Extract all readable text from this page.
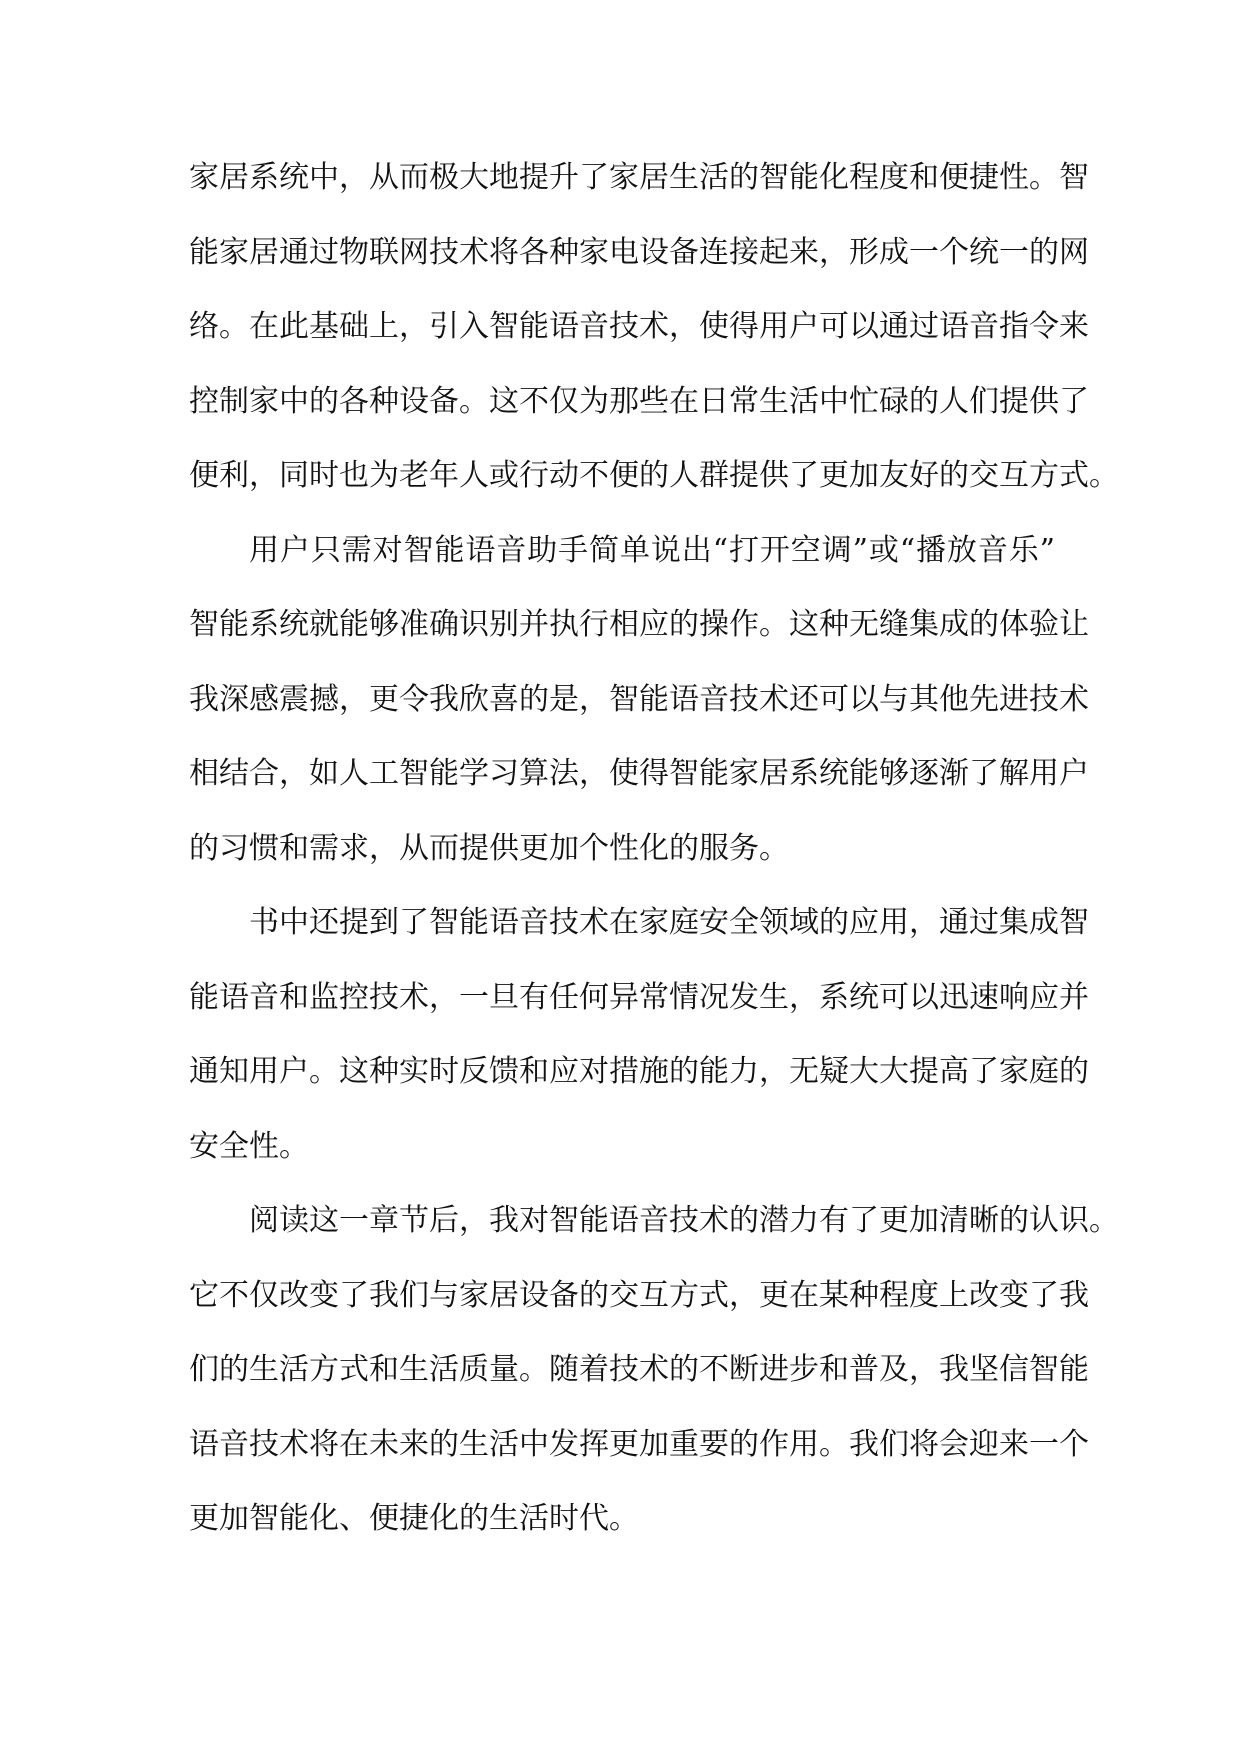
家居系统中，从而极大地提升了家居生活的智能化程度和便捷性。智
能家居通过物联网技术将各种家电设备连接起来，形成一个统一的网
络。在此基础上，引入智能语音技术，使得用户可以通过语音指令来
控制家中的各种设备。这不仅为那些在日常生活中忙碌的人们提供了
便利，同时也为老年人或行动不便的人群提供了更加友好的交互方式。
用户只需对智能语音助手简单说出“打开空调”或“播放音乐”
智能系统就能够准确识别并执行相应的操作。这种无缝集成的体验让
我深感震撼，更令我欣喜的是，智能语音技术还可以与其他先进技术
相结合，如人工智能学习算法，使得智能家居系统能够逐渐了解用户
的习惯和需求，从而提供更加个性化的服务。
书中还提到了智能语音技术在家庭安全领域的应用，通过集成智
能语音和监控技术，一旦有任何异常情况发生，系统可以迅速响应并
通知用户。这种实时反馈和应对措施的能力，无疑大大提高了家庭的
安全性。
阅读这一章节后，我对智能语音技术的潜力有了更加清晰的认识。
它不仅改变了我们与家居设备的交互方式，更在某种程度上改变了我
们的生活方式和生活质量。随着技术的不断进步和普及，我坚信智能
语音技术将在未来的生活中发挥更加重要的作用。我们将会迎来一个
更加智能化、便捷化的生活时代。
